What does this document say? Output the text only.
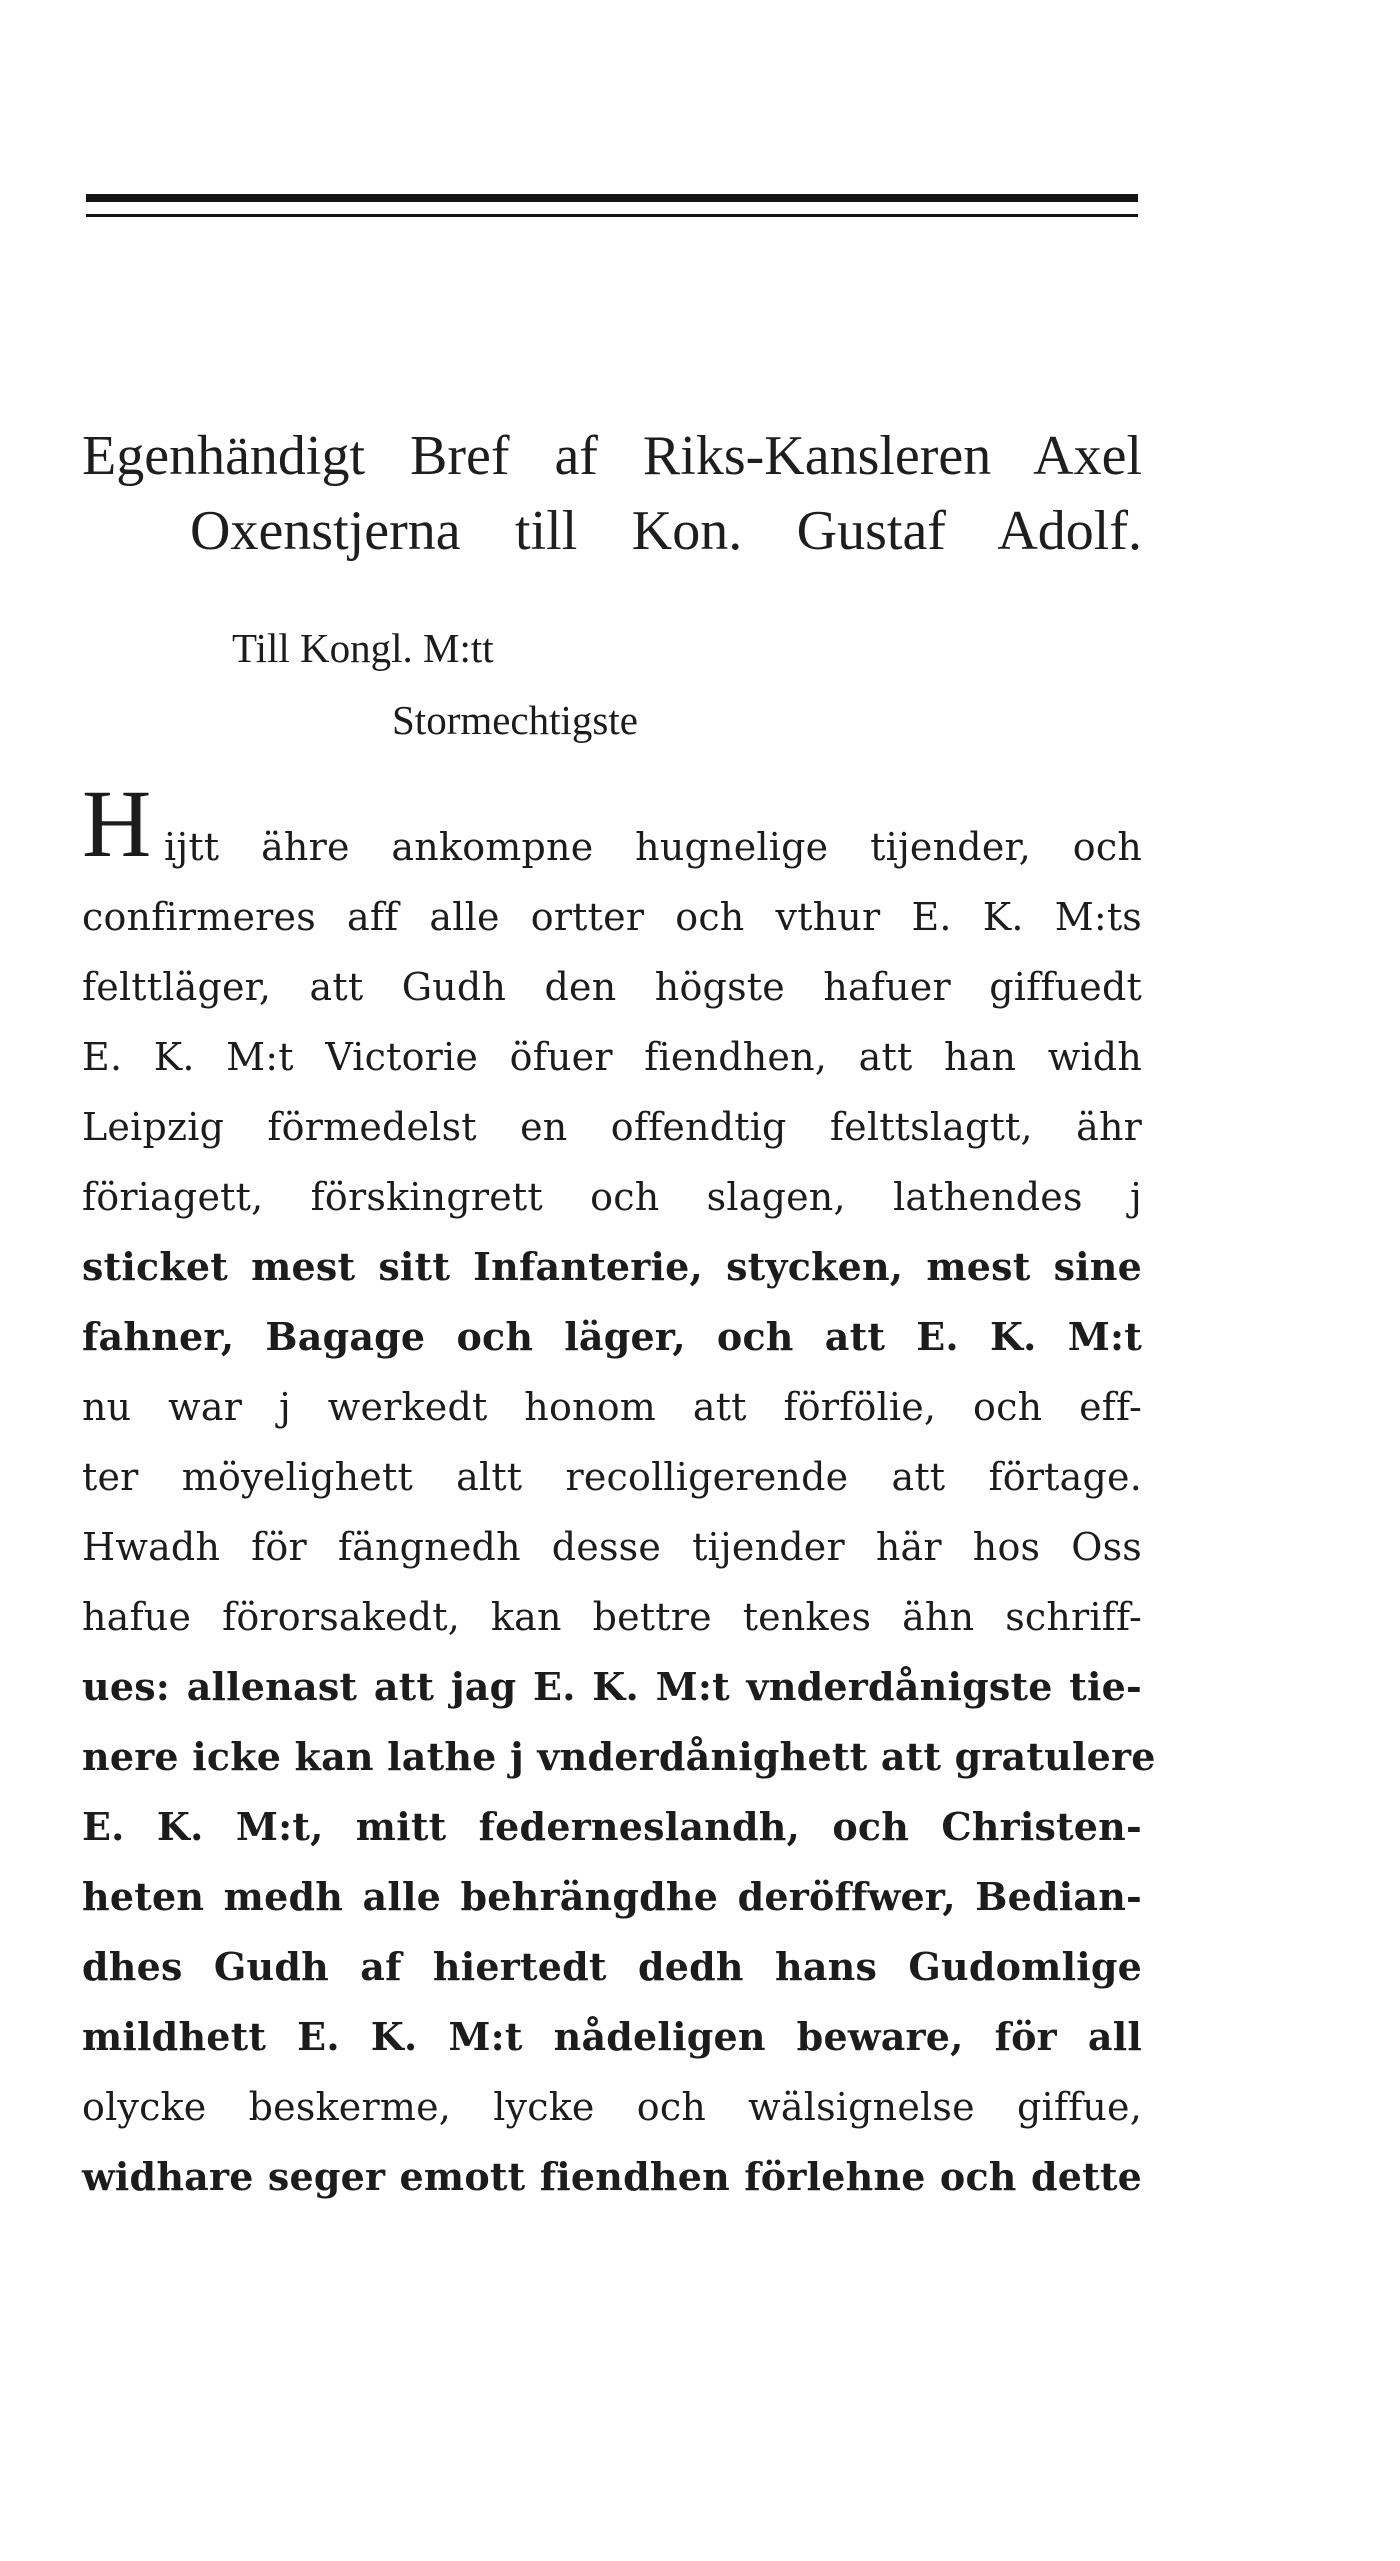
Egenhändigt Bref af Riks-Kansleren Axel
Oxenstjerna till Kon. Gustaf Adolf.
Till Kongl. M:tt
Stormechtigste
H ijtt ähre ankompne hugnelige tijender, och
confirmeres aff alle ortter och vthur E. K. M:ts
felttläger, att Gudh den högste hafuer giffuedt
E. K. M:t Victorie öfuer fiendhen, att han widh
Leipzig förmedelst en offendtig felttslagtt, ähr
föriagett, förskingrett och slagen, lathendes j
sticket mest sitt Infanterie, stycken, mest sine
fahner, Bagage och läger, och att E. K. M:t
nu war j werkedt honom att förfölie, och eff-
ter möyelighett altt recolligerende att förtage.
Hwadh för fängnedh desse tijender här hos Oss
hafue förorsakedt, kan bettre tenkes ähn schriff-
ues: allenast att jag E. K. M:t vnderdånigste tie-
nere icke kan lathe j vnderdånighett att gratulere
E. K. M:t, mitt federneslandh, och Christen-
heten medh alle behrängdhe deröffwer, Bedian-
dhes Gudh af hiertedt dedh hans Gudomlige
mildhett E. K. M:t nådeligen beware, för all
olycke beskerme, lycke och wälsignelse giffue,
widhare seger emott fiendhen förlehne och dette
